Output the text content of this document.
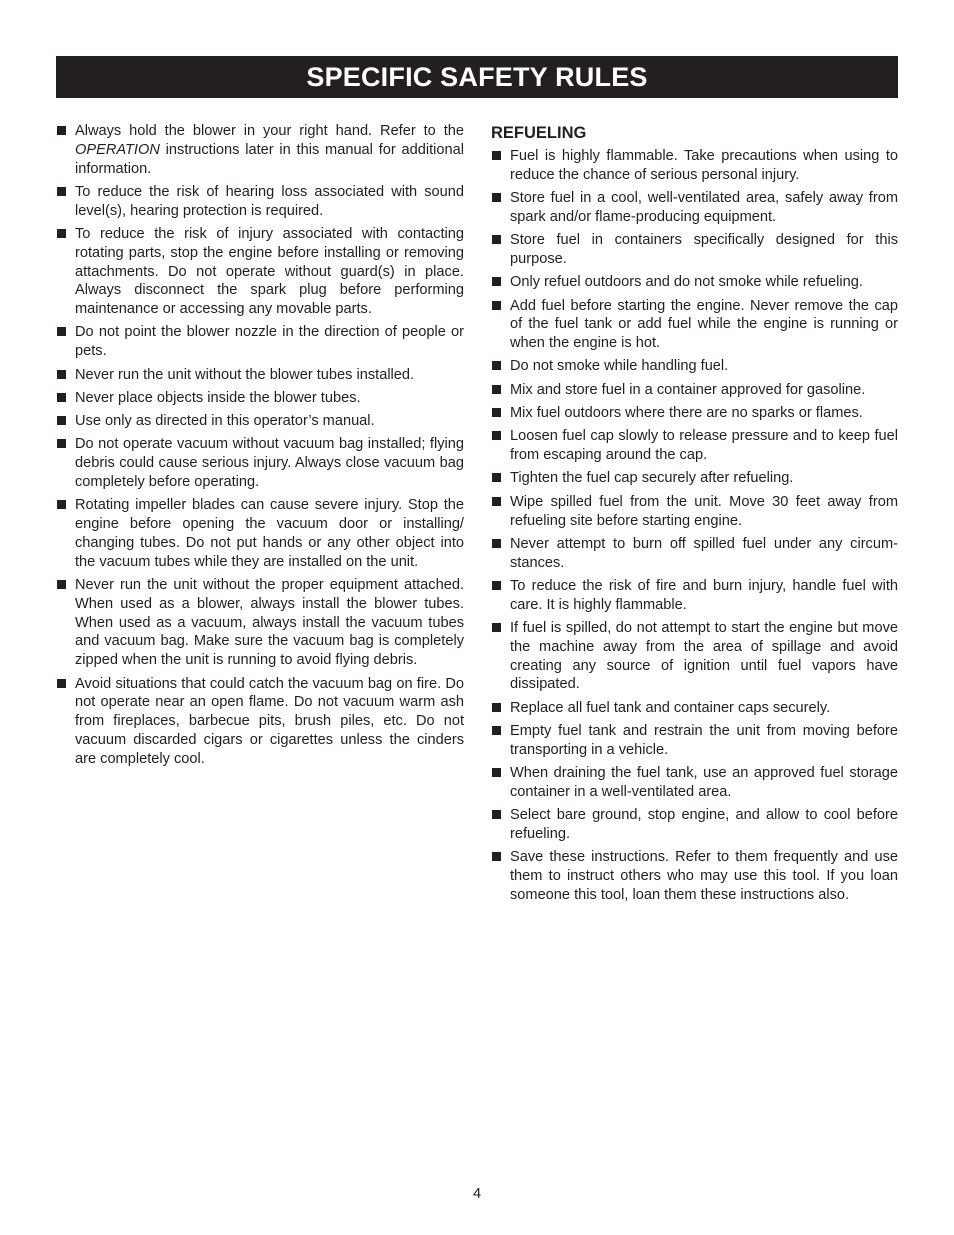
SPECIFIC SAFETY RULES
Always hold the blower in your right hand. Refer to the OPERATION instructions later in this manual for additional information.
To reduce the risk of hearing loss associated with sound level(s), hearing protection is required.
To reduce the risk of injury associated with contacting rotating parts, stop the engine before installing or removing attachments. Do not operate without guard(s) in place. Always disconnect the spark plug before performing maintenance or accessing any movable parts.
Do not point the blower nozzle in the direction of people or pets.
Never run the unit without the blower tubes installed.
Never place objects inside the blower tubes.
Use only as directed in this operator’s manual.
Do not operate vacuum without vacuum bag installed; flying debris could cause serious injury. Always close vacuum bag completely before operating.
Rotating impeller blades can cause severe injury. Stop the engine before opening the vacuum door or installing/ changing tubes. Do not put hands or any other object into the vacuum tubes while they are installed on the unit.
Never run the unit without the proper equipment attached. When used as a blower, always install the blower tubes. When used as a vacuum, always install the vacuum tubes and vacuum bag. Make sure the vacuum bag is completely zipped when the unit is running to avoid flying debris.
Avoid situations that could catch the vacuum bag on fire. Do not operate near an open flame. Do not vacuum warm ash from fireplaces, barbecue pits, brush piles, etc. Do not vacuum discarded cigars or cigarettes unless the cinders are completely cool.
REFUELING
Fuel is highly flammable. Take precautions when using to reduce the chance of serious personal injury.
Store fuel in a cool, well-ventilated area, safely away from spark and/or flame-producing equipment.
Store fuel in containers specifically designed for this purpose.
Only refuel outdoors and do not smoke while refueling.
Add fuel before starting the engine. Never remove the cap of the fuel tank or add fuel while the engine is running or when the engine is hot.
Do not smoke while handling fuel.
Mix and store fuel in a container approved for gasoline.
Mix fuel outdoors where there are no sparks or flames.
Loosen fuel cap slowly to release pressure and to keep fuel from escaping around the cap.
Tighten the fuel cap securely after refueling.
Wipe spilled fuel from the unit. Move 30 feet away from refueling site before starting engine.
Never attempt to burn off spilled fuel under any circum-stances.
To reduce the risk of fire and burn injury, handle fuel with care. It is highly flammable.
If fuel is spilled, do not attempt to start the engine but move the machine away from the area of spillage and avoid creating any source of ignition until fuel vapors have dissipated.
Replace all fuel tank and container caps securely.
Empty fuel tank and restrain the unit from moving before transporting in a vehicle.
When draining the fuel tank, use an approved fuel storage container in a well-ventilated area.
Select bare ground, stop engine, and allow to cool before refueling.
Save these instructions. Refer to them frequently and use them to instruct others who may use this tool. If you loan someone this tool, loan them these instructions also.
4
